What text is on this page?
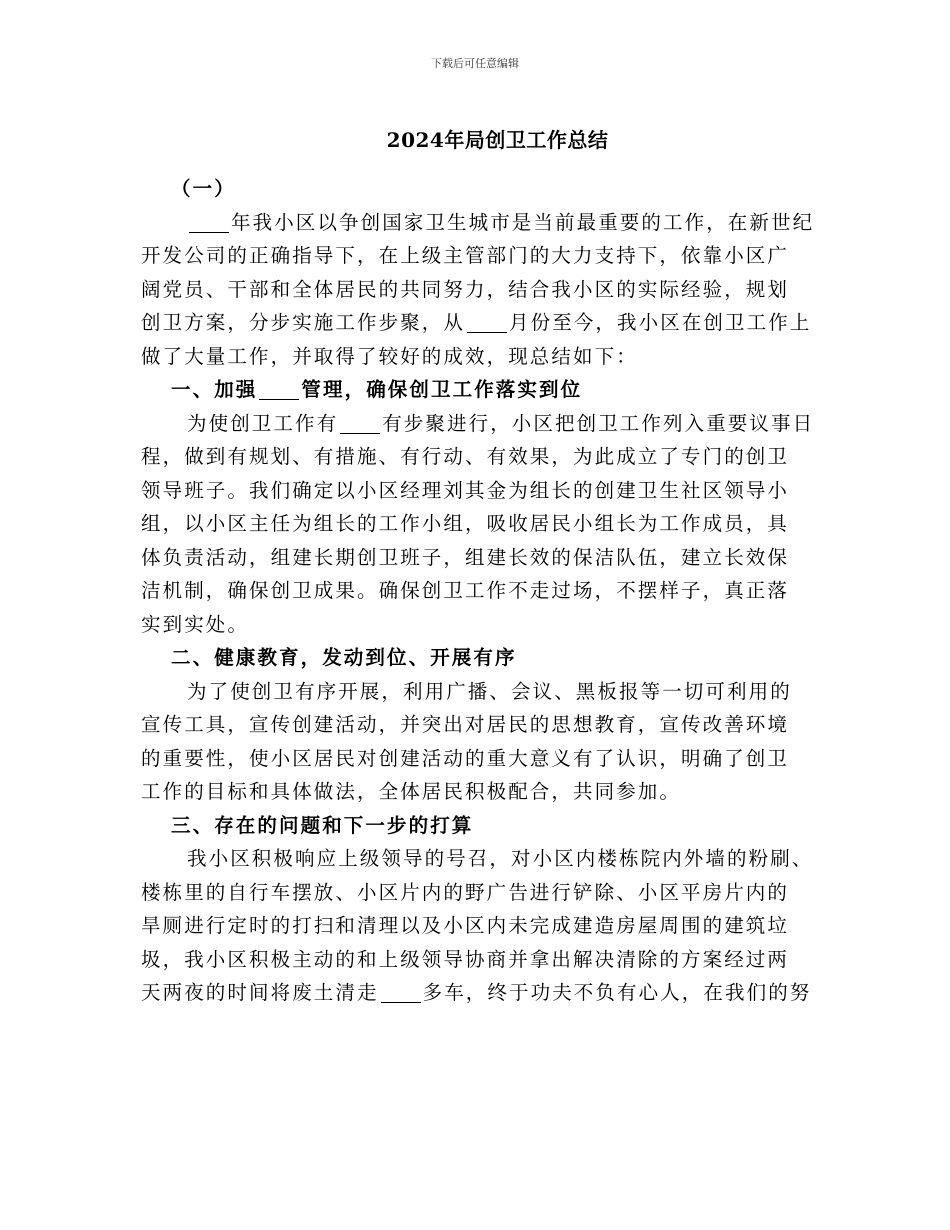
下载后可任意编辑
2024年局创卫工作总结
（一）
年我小区以争创国家卫生城市是当前最重要的工作，在新世纪
开发公司的正确指导下，在上级主管部门的大力支持下，依靠小区广
阔党员、干部和全体居民的共同努力，结合我小区的实际经验，规划
创卫方案，分步实施工作步聚，从 月份至今，我小区在创卫工作上
做了大量工作，并取得了较好的成效，现总结如下：
一、加强 管理，确保创卫工作落实到位
为使创卫工作有 有步聚进行，小区把创卫工作列入重要议事日
程，做到有规划、有措施、有行动、有效果，为此成立了专门的创卫
领导班子。我们确定以小区经理刘其金为组长的创建卫生社区领导小
组，以小区主任为组长的工作小组，吸收居民小组长为工作成员，具
体负责活动，组建长期创卫班子，组建长效的保洁队伍，建立长效保
洁机制，确保创卫成果。确保创卫工作不走过场，不摆样子，真正落
实到实处。
二、健康教育，发动到位、开展有序
为了使创卫有序开展，利用广播、会议、黑板报等一切可利用的
宣传工具，宣传创建活动，并突出对居民的思想教育，宣传改善环境
的重要性，使小区居民对创建活动的重大意义有了认识，明确了创卫
工作的目标和具体做法，全体居民积极配合，共同参加。
三、存在的问题和下一步的打算
我小区积极响应上级领导的号召，对小区内楼栋院内外墙的粉刷、
楼栋里的自行车摆放、小区片内的野广告进行铲除、小区平房片内的
旱厕进行定时的打扫和清理以及小区内未完成建造房屋周围的建筑垃
圾，我小区积极主动的和上级领导协商并拿出解决清除的方案经过两
天两夜的时间将废土清走 多车，终于功夫不负有心人，在我们的努
